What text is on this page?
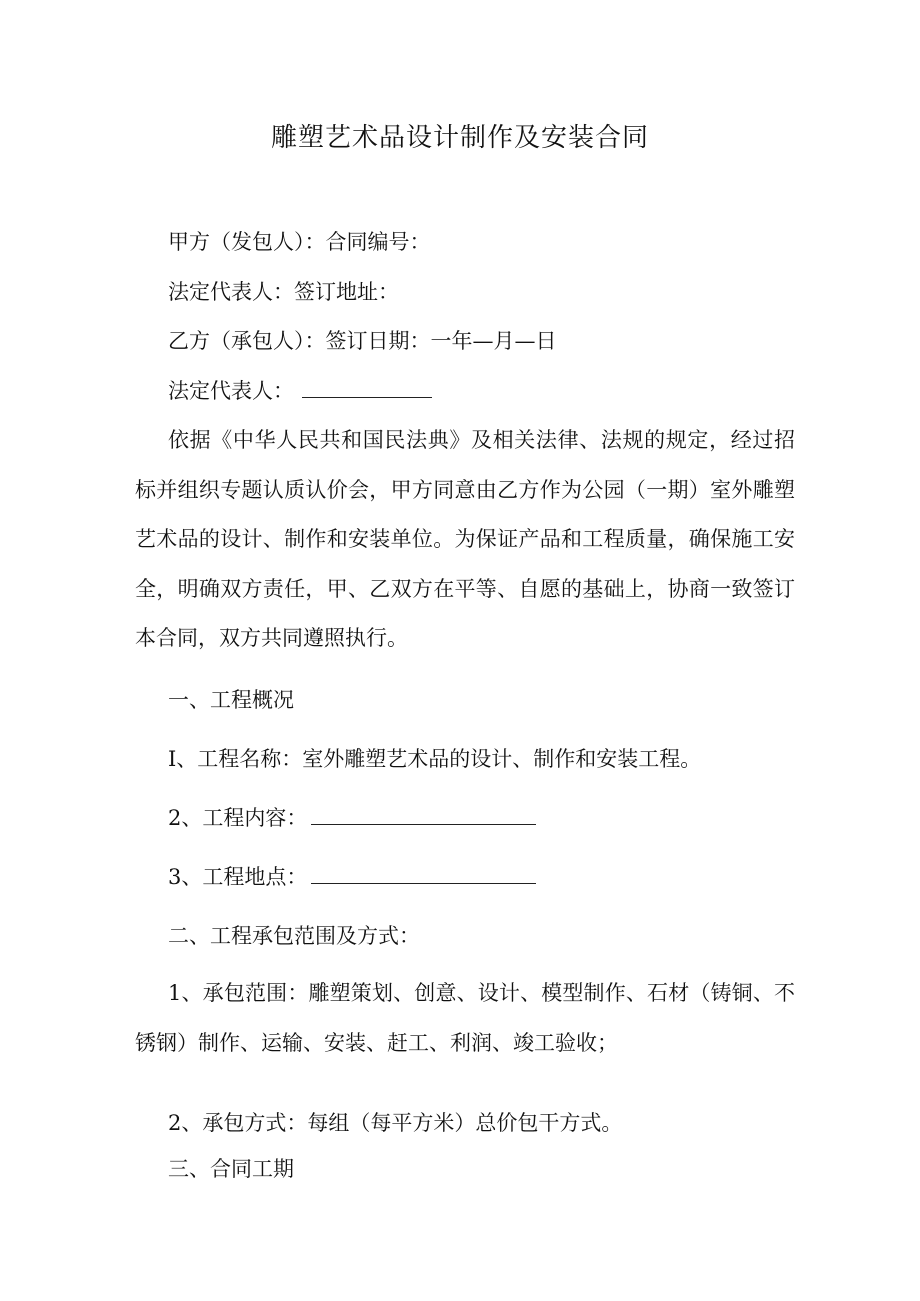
雕塑艺术品设计制作及安装合同
甲方（发包人）：合同编号：
法定代表人：签订地址：
乙方（承包人）：签订日期：一年—月—日
法定代表人：
依据《中华人民共和国民法典》及相关法律、法规的规定，经过招标并组织专题认质认价会，甲方同意由乙方作为公园（一期）室外雕塑艺术品的设计、制作和安装单位。为保证产品和工程质量，确保施工安全，明确双方责任，甲、乙双方在平等、自愿的基础上，协商一致签订本合同，双方共同遵照执行。
一、工程概况
I、工程名称：室外雕塑艺术品的设计、制作和安装工程。
2、工程内容：
3、工程地点：
二、工程承包范围及方式：
1、承包范围：雕塑策划、创意、设计、模型制作、石材（铸铜、不锈钢）制作、运输、安装、赶工、利润、竣工验收；
2、承包方式：每组（每平方米）总价包干方式。
三、合同工期
